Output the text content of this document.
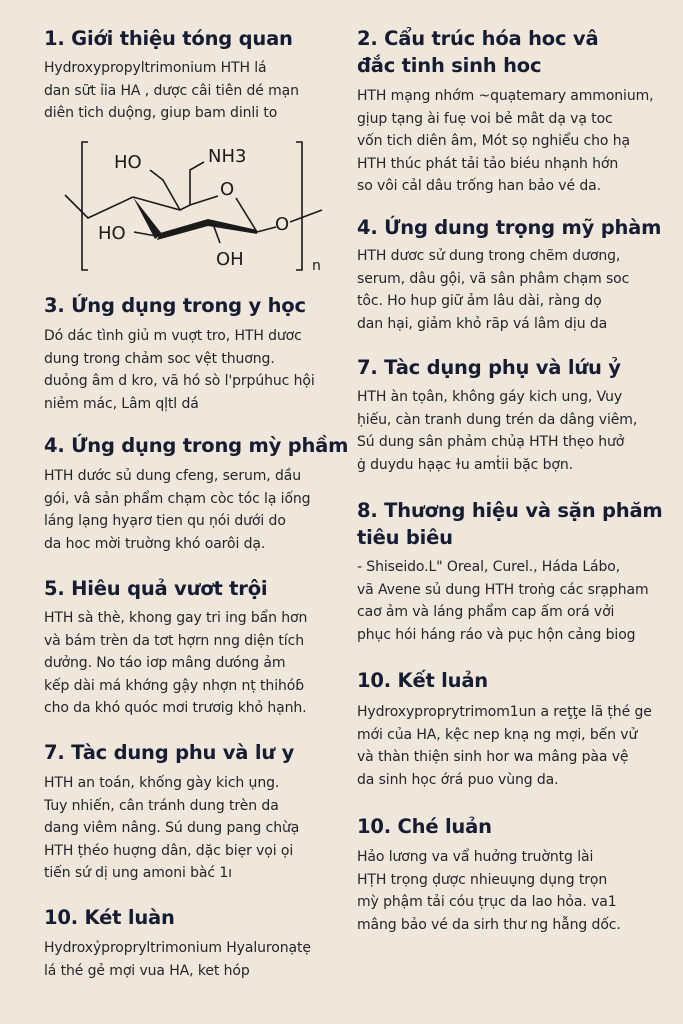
1. Giới thiệu tóng quan
Hydroxypropyltrimonium HTH lá
dan sữt ỉia HA , dược câi tiên dé mạn
diên tich duộng, giup bam dinli to
HO	NH3
O
HO
OH
O
n
3. Ứng dụng trong y học
Dó dác tình giủ m vuợt tro, HTH dươc
dung trong chảm soc vệt thuơng.
duỏng âm d kro, vã hó sò l'prpúhuc hội
niẻm mác, Lâm ql̩tl dá
4. Ứng dụng trong mỳ phầm
HTH dước sủ dung cfeng, serum, dầu
gói, vâ sản phẩm chạm còc tóc lạ iống
láng lạng hyạrơ tien qu ṇói dưới do
da hoc mời truờng khó oarôi dạ.
5. Hiêu quả vươt trội
HTH sà thè, khong gay tri ing bẩn hơn
và bám trèn da tơt hợrn nng diện tích
dưởng. No táo iơp mâng dưóng ảm
kếp dài má khớng gậy nhợn nṭ thihóɓ
cho da khó quóc mơi trươig khỏ hạnh.
7. Tàc dung phu và lư y
HTH an toán, khống gày kich ụng.
Tuy nhiến, cân tránh dung trèn da
dang viêm nâng. Sú dung pang chừạ
HTH ṭhéo huợng dân, dặc biẹr vọi ọi
tiến sứ dị ung amoni bàć 1ı
10. Két luàn
Hydroxỷpropryltrimonium Hyaluronạtẹ
lá thé gẻ mợi vua HA, ket hóp
2. Cẩu trúc hóa hoc vâ
đắc tinh sinh hoc
HTH mạng nhớm ~quạtemary ammonium,
gịup tạng ài fuẹ voi bẻ mât dạ vạ toc
vốn tich diên âm, Mót sọ nghiểu cho hạ
HTH thúc phát tải tảo biéu nhạnh hớn
so vôi cảl dâu trống han bảo vé da.
4. Ứng dung trọng mỹ phàm
HTH dươc sử dung trong chẽm dươnɡ,
serum, dâu gội, vã sân phâm chạm soc
tôc. Ho hup giữ ảm lâu dài, ràng dọ
dan hại, giảm khỏ rãp vá lâm dịu da
7. Tàc dụng phụ và lứu ỷ
HTH àn tọân, không gáy kich ung, Vuy
ḥiếu, càn tranh dung trén da dâng viêm,
Sú dung sân phảm chủạ HTH thẹo hưở
ġ duydu hạạc ɫu amṫii bặc bợn.
8. Thương hiệu và sặn phăm
tiêu biêu
- Shiseido.L" Oreal, Curel., Háda Lábo,
vã Avene sủ dung HTH troṅg các srạpham
caơ ảm và láng phẩm cap ấm orá vởi
phục hói háng ráo và pục hộn cảng biog
10. Kết luản
Hydroxyproprytrimom1un a reţţe lã ṭhé ge
mới của HA, kệc nep knạ ng mợi, bến vử
và thàn thiện sinh hor wa mâng pàa vệ
da sinh học ớrá puo vùng da.
10. Ché luản
Hảo lương va vẩ huởng truờntg lài
HṬH trọng ḍược nhieuụ̣ng dụng trọn
mỳ phậm tải cóu ṭrục da lao hỏa. va1
mâng bảo vé da sirh thư ng hẫng dốc.
